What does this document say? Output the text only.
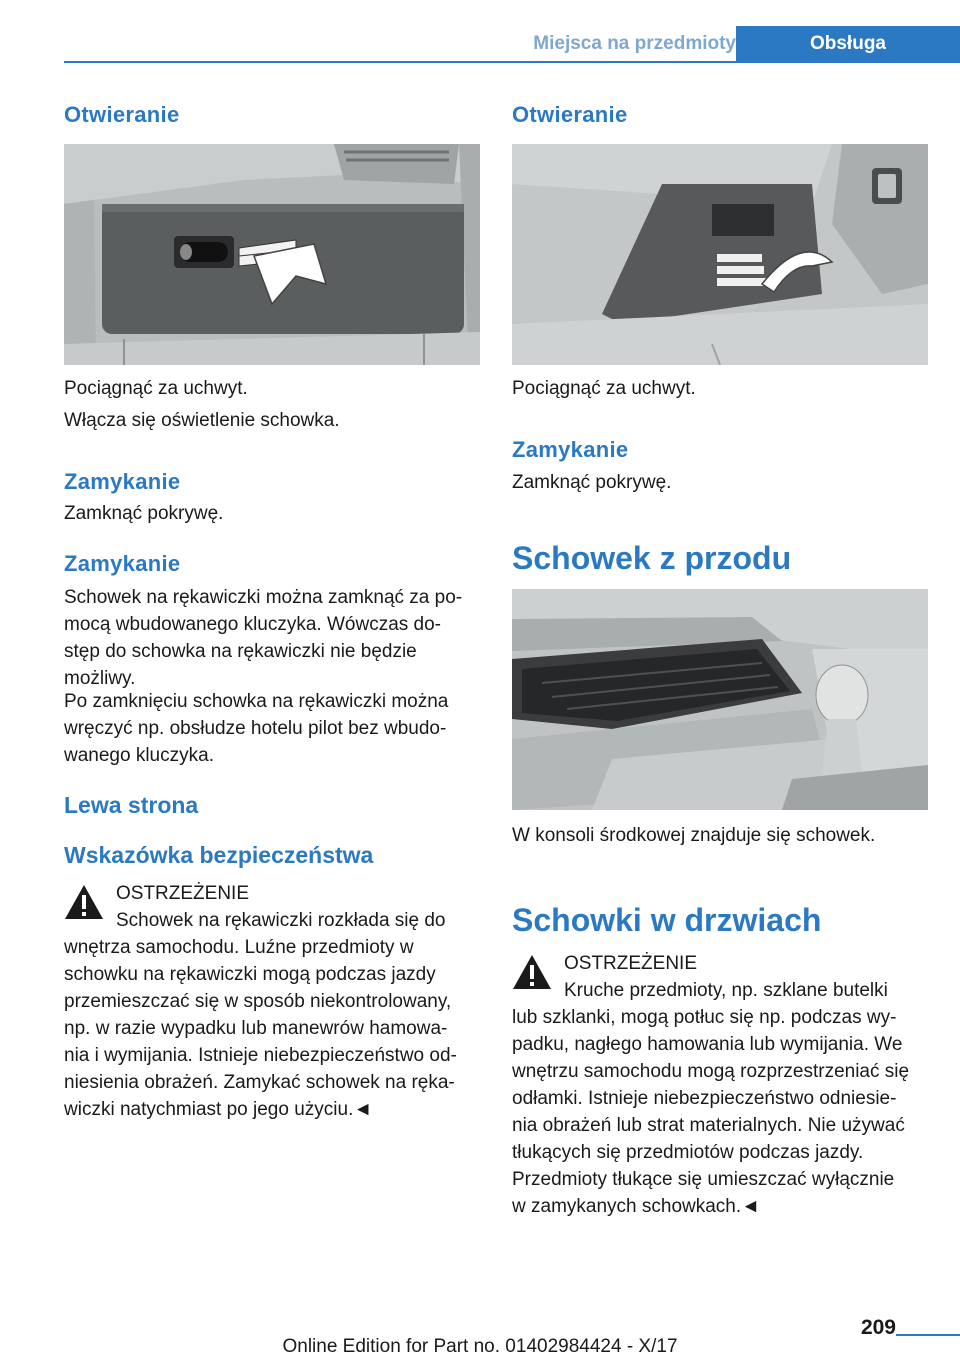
Miejsca na przedmioty	Obsługa
Otwieranie

Pociągnąć za uchwyt.

Włącza się oświetlenie schowka.

Zamykanie

Zamknąć pokrywę.

Zamykanie
Schowek na rękawiczki można zamknąć za po‐
mocą wbudowanego kluczyka. Wówczas do‐
stęp do schowka na rękawiczki nie będzie
możliwy.
Po zamknięciu schowka na rękawiczki można
wręczyć np. obsłudze hotelu pilot bez wbudo‐
wanego kluczyka.
Lewa strona
Wskazówka bezpieczeństwa
OSTRZEŻENIE
Schowek na rękawiczki rozkłada się do
wnętrza samochodu. Luźne przedmioty w
schowku na rękawiczki mogą podczas jazdy
przemieszczać się w sposób niekontrolowany,
np. w razie wypadku lub manewrów hamowa‐
nia i wymijania. Istnieje niebezpieczeństwo od‐
niesienia obrażeń. Zamykać schowek na ręka‐
wiczki natychmiast po jego użyciu.◄
Otwieranie

Pociągnąć za uchwyt.

Zamykanie

Zamknąć pokrywę.

Schowek z przodu

W konsoli środkowej znajduje się schowek.

Schowki w drzwiach
OSTRZEŻENIE
Kruche przedmioty, np. szklane butelki
lub szklanki, mogą potłuc się np. podczas wy‐
padku, nagłego hamowania lub wymijania. We
wnętrzu samochodu mogą rozprzestrzeniać się
odłamki. Istnieje niebezpieczeństwo odniesie‐
nia obrażeń lub strat materialnych. Nie używać
tłukących się przedmiotów podczas jazdy.
Przedmioty tłukące się umieszczać wyłącznie
w zamykanych schowkach.◄
209
Online Edition for Part no. 01402984424 - X/17
